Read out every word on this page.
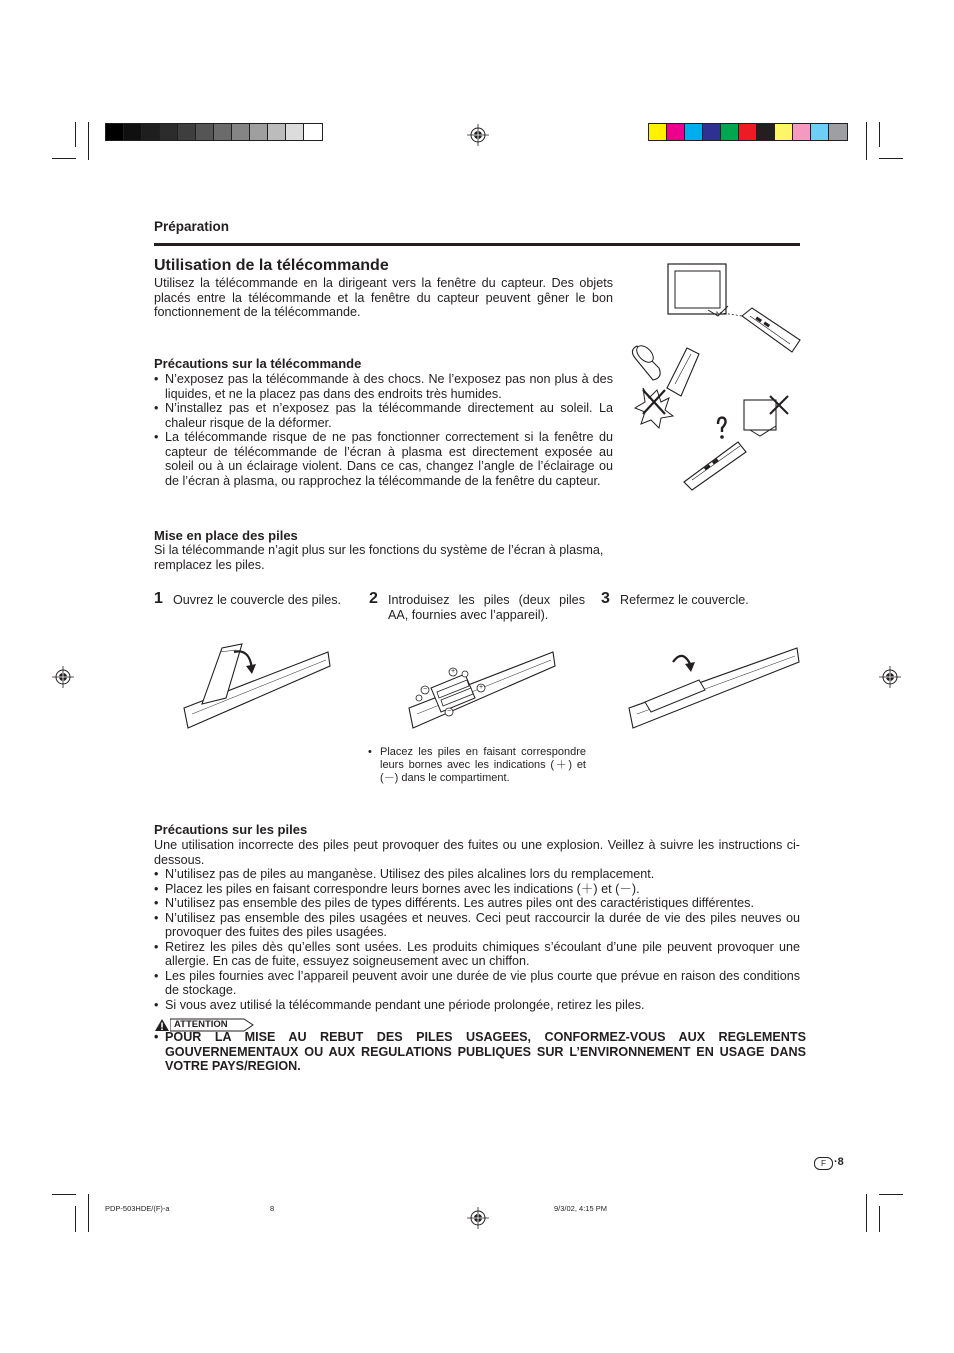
Préparation
Utilisation de la télécommande
Utilisez la télécommande en la dirigeant vers la fenêtre du capteur. Des objets placés entre la télécommande et la fenêtre du capteur peuvent gêner le bon fonctionnement de la télécommande.
Précautions sur la télécommande
• N’exposez pas la télécommande à des chocs. Ne l’exposez pas non plus à des liquides, et ne la placez pas dans des endroits très humides.
• N’installez pas et n’exposez pas la télécommande directement au soleil. La chaleur risque de la déformer.
• La télécommande risque de ne pas fonctionner correctement si la fenêtre du capteur de télécommande de l’écran à plasma est directement exposée au soleil ou à un éclairage violent. Dans ce cas, changez l’angle de l’éclairage ou de l’écran à plasma, ou rapprochez la télécommande de la fenêtre du capteur.
Mise en place des piles
Si la télécommande n’agit plus sur les fonctions du système de l’écran à plasma, remplacez les piles.
1 Ouvrez le couvercle des piles.	2 Introduisez les piles (deux piles AA, fournies avec l’appareil).
3 Refermez le couvercle.
+
−	+
−
• Placez les piles en faisant correspondre leurs bornes avec les indications (＋) et (－) dans le compartiment.
Précautions sur les piles
Une utilisation incorrecte des piles peut provoquer des fuites ou une explosion. Veillez à suivre les instructions ci-dessous.
• N’utilisez pas de piles au manganèse. Utilisez des piles alcalines lors du remplacement.
• Placez les piles en faisant correspondre leurs bornes avec les indications (＋) et (－).
• N’utilisez pas ensemble des piles de types différents. Les autres piles ont des caractéristiques différentes.
• N’utilisez pas ensemble des piles usagées et neuves. Ceci peut raccourcir la durée de vie des piles neuves ou provoquer des fuites des piles usagées.
• Retirez les piles dès qu’elles sont usées. Les produits chimiques s’écoulant d’une pile peuvent provoquer une allergie. En cas de fuite, essuyez soigneusement avec un chiffon.
• Les piles fournies avec l’appareil peuvent avoir une durée de vie plus courte que prévue en raison des conditions de stockage.
• Si vous avez utilisé la télécommande pendant une période prolongée, retirez les piles.
ATTENTION
• POUR LA MISE AU REBUT DES PILES USAGEES, CONFORMEZ-VOUS AUX REGLEMENTS GOUVERNEMENTAUX OU AUX REGULATIONS PUBLIQUES SUR L’ENVIRONNEMENT EN USAGE DANS VOTRE PAYS/REGION.
F ·8
PDP-503HDE/(F)-a	8	9/3/02, 4:15 PM
